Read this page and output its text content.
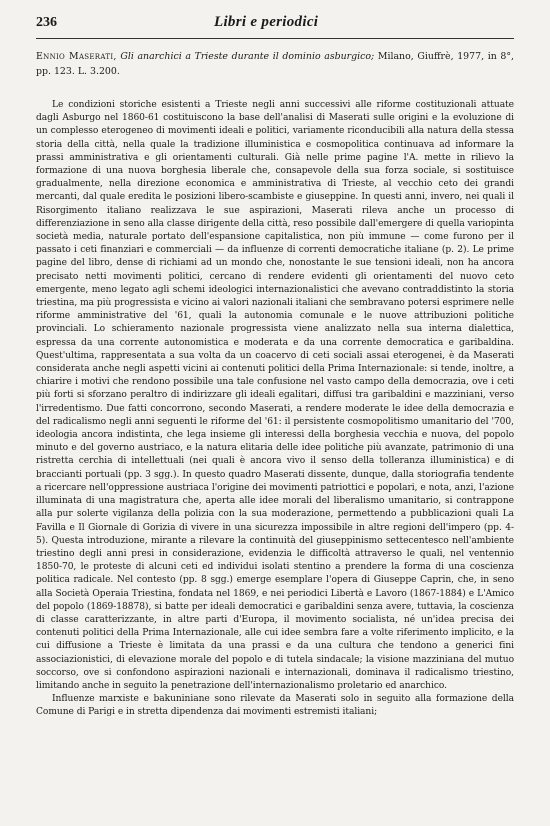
236	Libri e periodici

Ennio Maserati, Gli anarchici a Trieste durante il dominio asburgico; Milano, Giuffrè, 1977, in 8°, pp. 123. L. 3.200.

Le condizioni storiche esistenti a Trieste negli anni successivi alle riforme costituzionali attuate dagli Asburgo nel 1860-61 costituiscono la base dell'analisi di Maserati sulle origini e la evoluzione di un complesso eterogeneo di movimenti ideali e politici, variamente riconducibili alla natura della stessa storia della città, nella quale la tradizione illuministica e cosmopolitica continuava ad informare la prassi amministrativa e gli orientamenti culturali. Già nelle prime pagine l'A. mette in rilievo la formazione di una nuova borghesia liberale che, consapevole della sua forza sociale, si sostituisce gradualmente, nella direzione economica e amministrativa di Trieste, al vecchio ceto dei grandi mercanti, dal quale eredita le posizioni libero-scambiste e giuseppine. In questi anni, invero, nei quali il Risorgimento italiano realizzava le sue aspirazioni, Maserati rileva anche un processo di differenziazione in seno alla classe dirigente della città, reso possibile dall'emergere di quella variopinta società media, naturale portato dell'espansione capitalistica, non più immune — come furono per il passato i ceti finanziari e commerciali — da influenze di correnti democratiche italiane (p. 2). Le prime pagine del libro, dense di richiami ad un mondo che, nonostante le sue tensioni ideali, non ha ancora precisato netti movimenti politici, cercano di rendere evidenti gli orientamenti del nuovo ceto emergente, meno legato agli schemi ideologici internazionalistici che avevano contraddistinto la storia triestina, ma più progressista e vicino ai valori nazionali italiani che sembravano potersi esprimere nelle riforme amministrative del '61, quali la autonomia comunale e le nuove attribuzioni politiche provinciali. Lo schieramento nazionale progressista viene analizzato nella sua interna dialettica, espressa da una corrente autonomistica e moderata e da una corrente democratica e garibaldina. Quest'ultima, rappresentata a sua volta da un coacervo di ceti sociali assai eterogenei, è da Maserati considerata anche negli aspetti vicini ai contenuti politici della Prima Internazionale: si tende, inoltre, a chiarire i motivi che rendono possibile una tale confusione nel vasto campo della democrazia, ove i ceti più forti si sforzano peraltro di indirizzare gli ideali egalitari, diffusi tra garibaldini e mazziniani, verso l'irredentismo. Due fatti concorrono, secondo Maserati, a rendere moderate le idee della democrazia e del radicalismo negli anni seguenti le riforme del '61: il persistente cosmopolitismo umanitario del '700, ideologia ancora indistinta, che lega insieme gli interessi della borghesia vecchia e nuova, del popolo minuto e del governo austriaco, e la natura elitaria delle idee politiche più avanzate, patrimonio di una ristretta cerchia di intellettuali (nei quali è ancora vivo il senso della tolleranza illuministica) e di braccianti portuali (pp. 3 sgg.). In questo quadro Maserati dissente, dunque, dalla storiografia tendente a ricercare nell'oppressione austriaca l'origine dei movimenti patriottici e popolari, e nota, anzi, l'azione illuminata di una magistratura che, aperta alle idee morali del liberalismo umanitario, si contrappone alla pur solerte vigilanza della polizia con la sua moderazione, permettendo a pubblicazioni quali La Favilla e Il Giornale di Gorizia di vivere in una sicurezza impossibile in altre regioni dell'impero (pp. 4-5). Questa introduzione, mirante a rilevare la continuità del giuseppinismo settecentesco nell'ambiente triestino degli anni presi in considerazione, evidenzia le difficoltà attraverso le quali, nel ventennio 1850-70, le proteste di alcuni ceti ed individui isolati stentino a prendere la forma di una coscienza politica radicale. Nel contesto (pp. 8 sgg.) emerge esemplare l'opera di Giuseppe Caprin, che, in seno alla Società Operaia Triestina, fondata nel 1869, e nei periodici Libertà e Lavoro (1867-1884) e L'Amico del popolo (1869-18878), si batte per ideali democratici e garibaldini senza avere, tuttavia, la coscienza di classe caratterizzante, in altre parti d'Europa, il movimento socialista, né un'idea precisa dei contenuti politici della Prima Internazionale, alle cui idee sembra fare a volte riferimento implicito, e la cui diffusione a Trieste è limitata da una prassi e da una cultura che tendono a generici fini associazionistici, di elevazione morale del popolo e di tutela sindacale; la visione mazziniana del mutuo soccorso, ove si confondono aspirazioni nazionali e internazionali, dominava il radicalismo triestino, limitando anche in seguito la penetrazione dell'internazionalismo proletario ed anarchico.

Influenze marxiste e bakuniniane sono rilevate da Maserati solo in seguito alla formazione della Comune di Parigi e in stretta dipendenza dai movimenti estremisti italiani;
